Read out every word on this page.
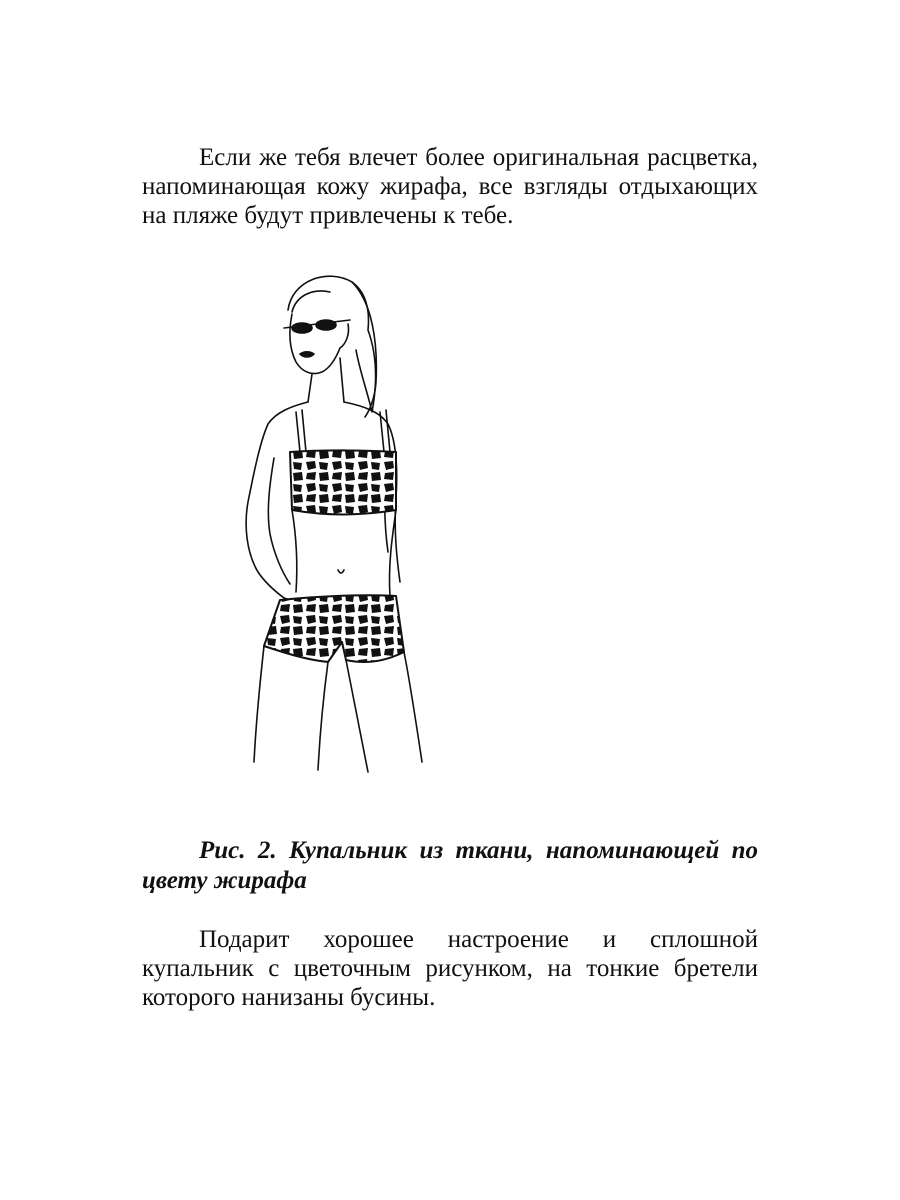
Если же тебя влечет более оригинальная расцветка, напоминающая кожу жирафа, все взгляды отдыхающих на пляже будут привлечены к тебе.

Рис. 2. Купальник из ткани, напоминающей по цвету жирафа

Подарит хорошее настроение и сплошной купальник с цветочным рисунком, на тонкие бретели которого нанизаны бусины.
